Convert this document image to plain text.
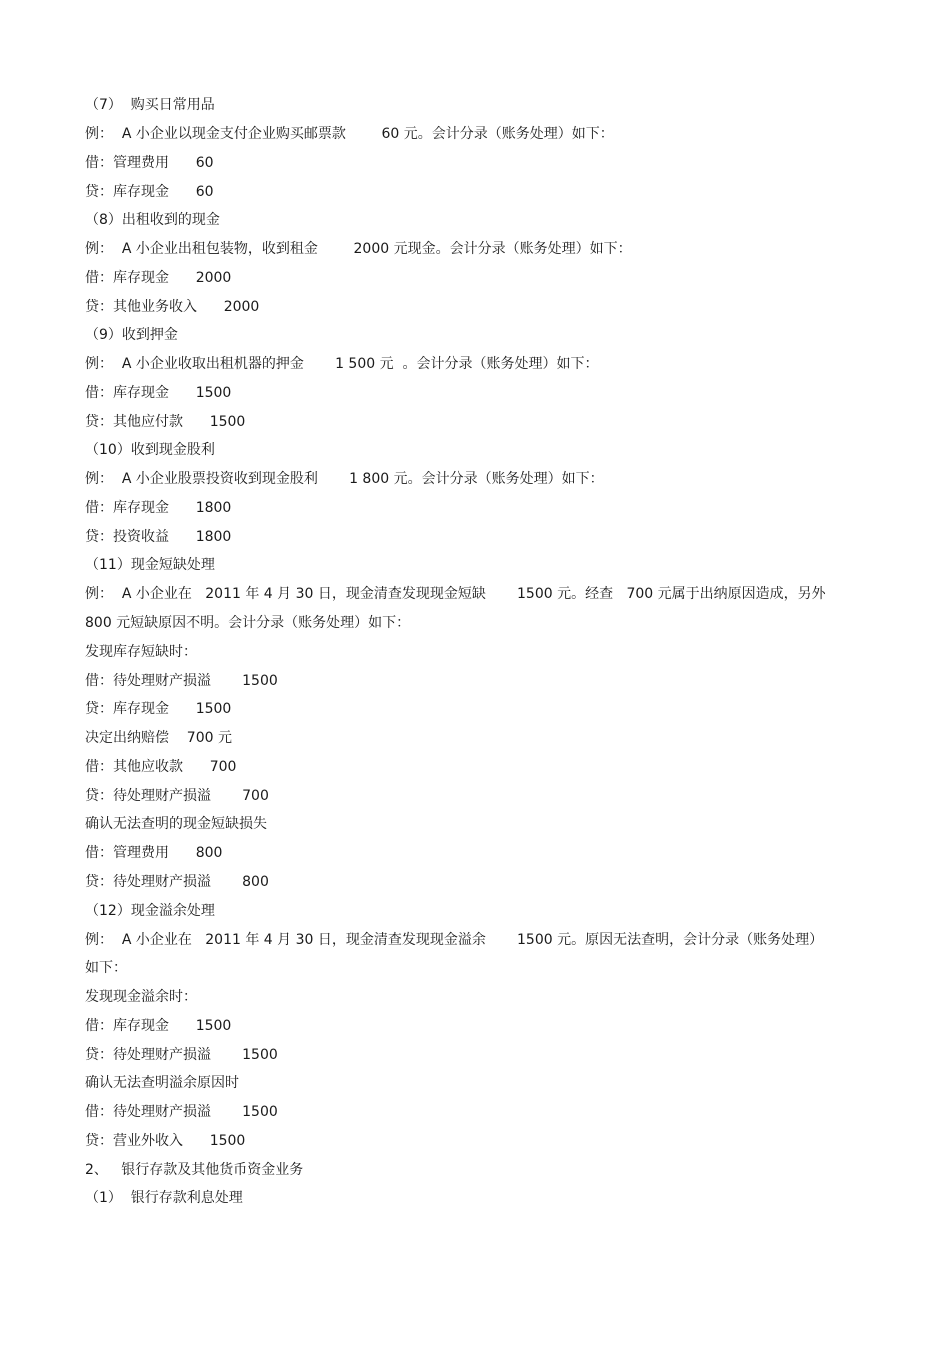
（7）  购买日常用品
例：  A 小企业以现金支付企业购买邮票款        60 元。会计分录（账务处理）如下：
借：管理费用      60
贷：库存现金      60
（8）出租收到的现金
例：  A 小企业出租包装物，收到租金        2000 元现金。会计分录（账务处理）如下：
借：库存现金      2000
贷：其他业务收入      2000
（9）收到押金
例：  A 小企业收取出租机器的押金       1 500 元  。会计分录（账务处理）如下：
借：库存现金      1500
贷：其他应付款      1500
（10）收到现金股利
例：  A 小企业股票投资收到现金股利       1 800 元。会计分录（账务处理）如下：
借：库存现金      1800
贷：投资收益      1800
（11）现金短缺处理
例：  A 小企业在   2011 年 4 月 30 日，现金清查发现现金短缺       1500 元。经查   700 元属于出纳原因造成，另外
800 元短缺原因不明。会计分录（账务处理）如下：
发现库存短缺时：
借：待处理财产损溢       1500
贷：库存现金      1500
决定出纳赔偿    700 元
借：其他应收款      700
贷：待处理财产损溢       700
确认无法查明的现金短缺损失
借：管理费用      800
贷：待处理财产损溢       800
（12）现金溢余处理
例：  A 小企业在   2011 年 4 月 30 日，现金清查发现现金溢余       1500 元。原因无法查明，会计分录（账务处理）
如下：
发现现金溢余时：
借：库存现金      1500
贷：待处理财产损溢       1500
确认无法查明溢余原因时
借：待处理财产损溢       1500
贷：营业外收入      1500
2、   银行存款及其他货币资金业务
（1）  银行存款利息处理
